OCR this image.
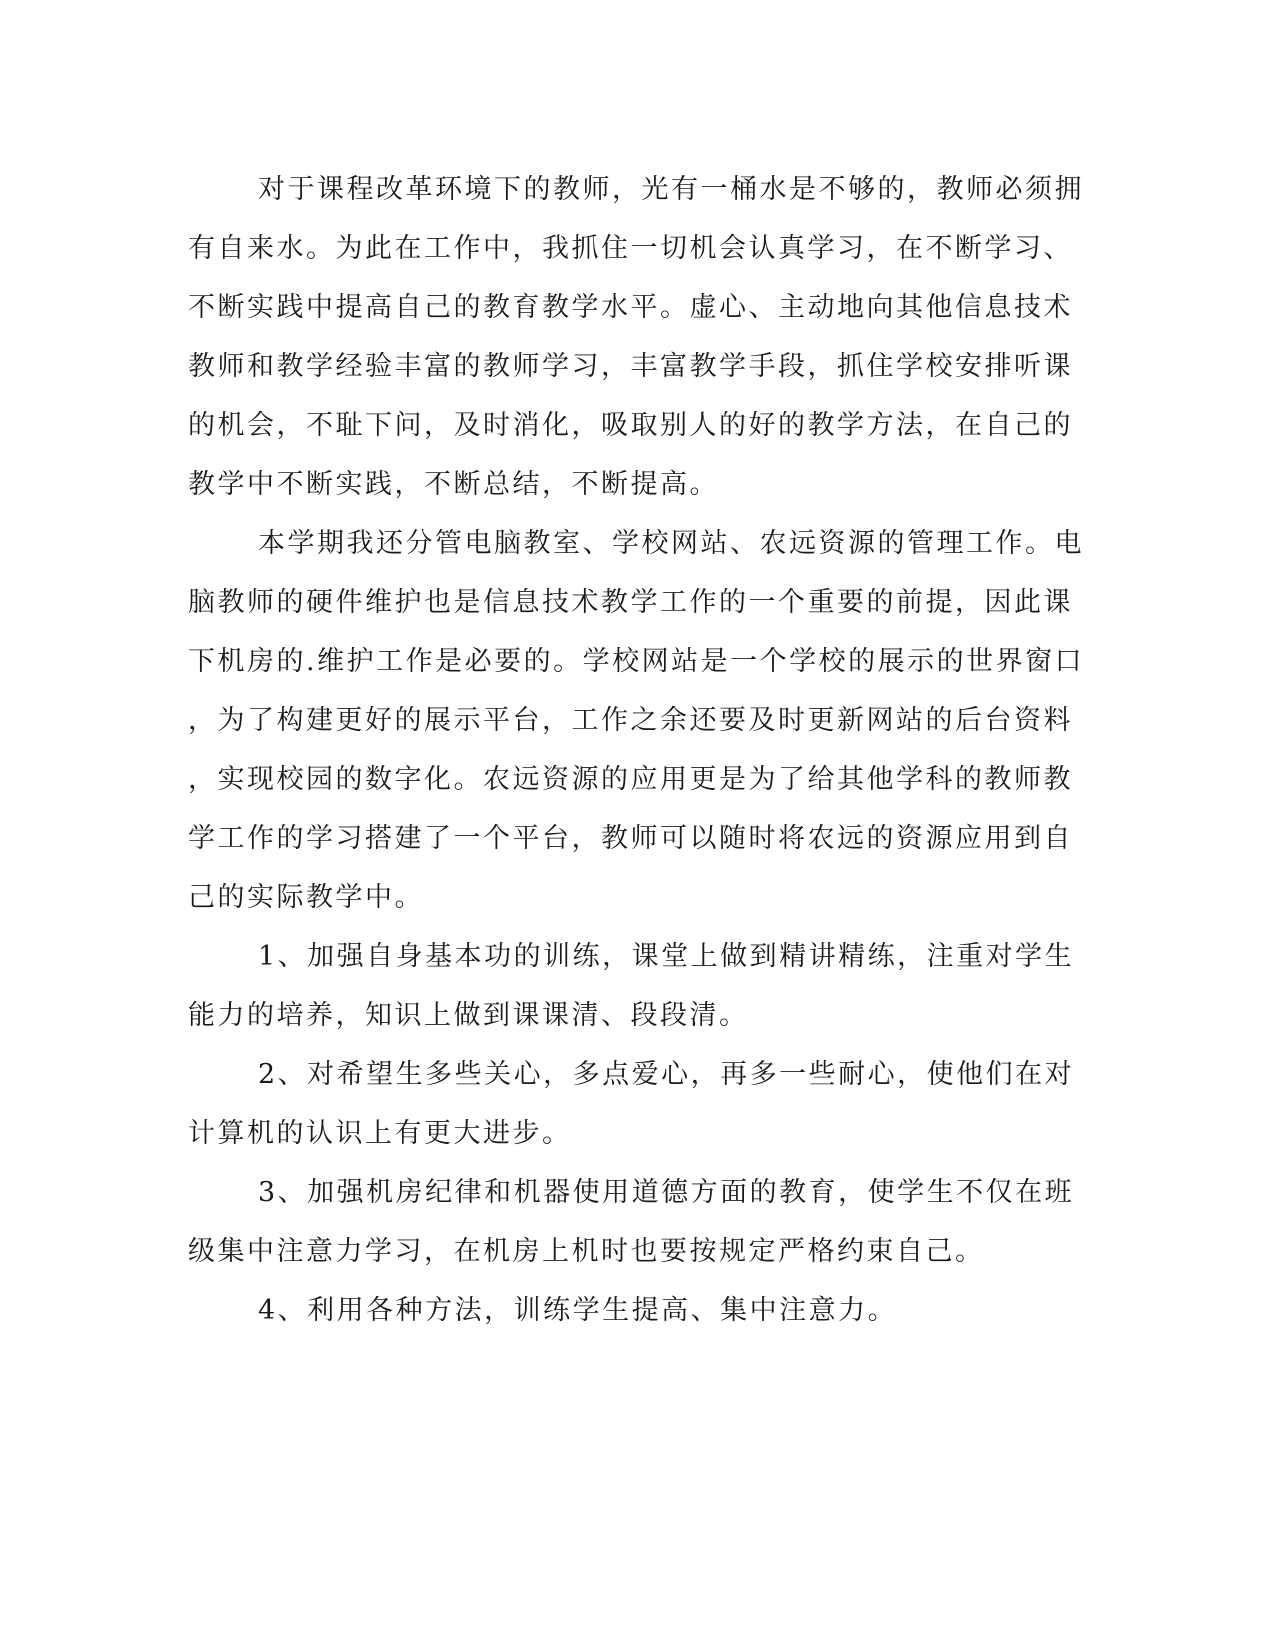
对于课程改革环境下的教师，光有一桶水是不够的，教师必须拥
有自来水。为此在工作中，我抓住一切机会认真学习，在不断学习、
不断实践中提高自己的教育教学水平。虚心、主动地向其他信息技术
教师和教学经验丰富的教师学习，丰富教学手段，抓住学校安排听课
的机会，不耻下问，及时消化，吸取别人的好的教学方法，在自己的
教学中不断实践，不断总结，不断提高。

本学期我还分管电脑教室、学校网站、农远资源的管理工作。电
脑教师的硬件维护也是信息技术教学工作的一个重要的前提，因此课
下机房的.维护工作是必要的。学校网站是一个学校的展示的世界窗口
，为了构建更好的展示平台，工作之余还要及时更新网站的后台资料
，实现校园的数字化。农远资源的应用更是为了给其他学科的教师教
学工作的学习搭建了一个平台，教师可以随时将农远的资源应用到自
己的实际教学中。

1、加强自身基本功的训练，课堂上做到精讲精练，注重对学生
能力的培养，知识上做到课课清、段段清。

2、对希望生多些关心，多点爱心，再多一些耐心，使他们在对
计算机的认识上有更大进步。

3、加强机房纪律和机器使用道德方面的教育，使学生不仅在班
级集中注意力学习，在机房上机时也要按规定严格约束自己。

4、利用各种方法，训练学生提高、集中注意力。
